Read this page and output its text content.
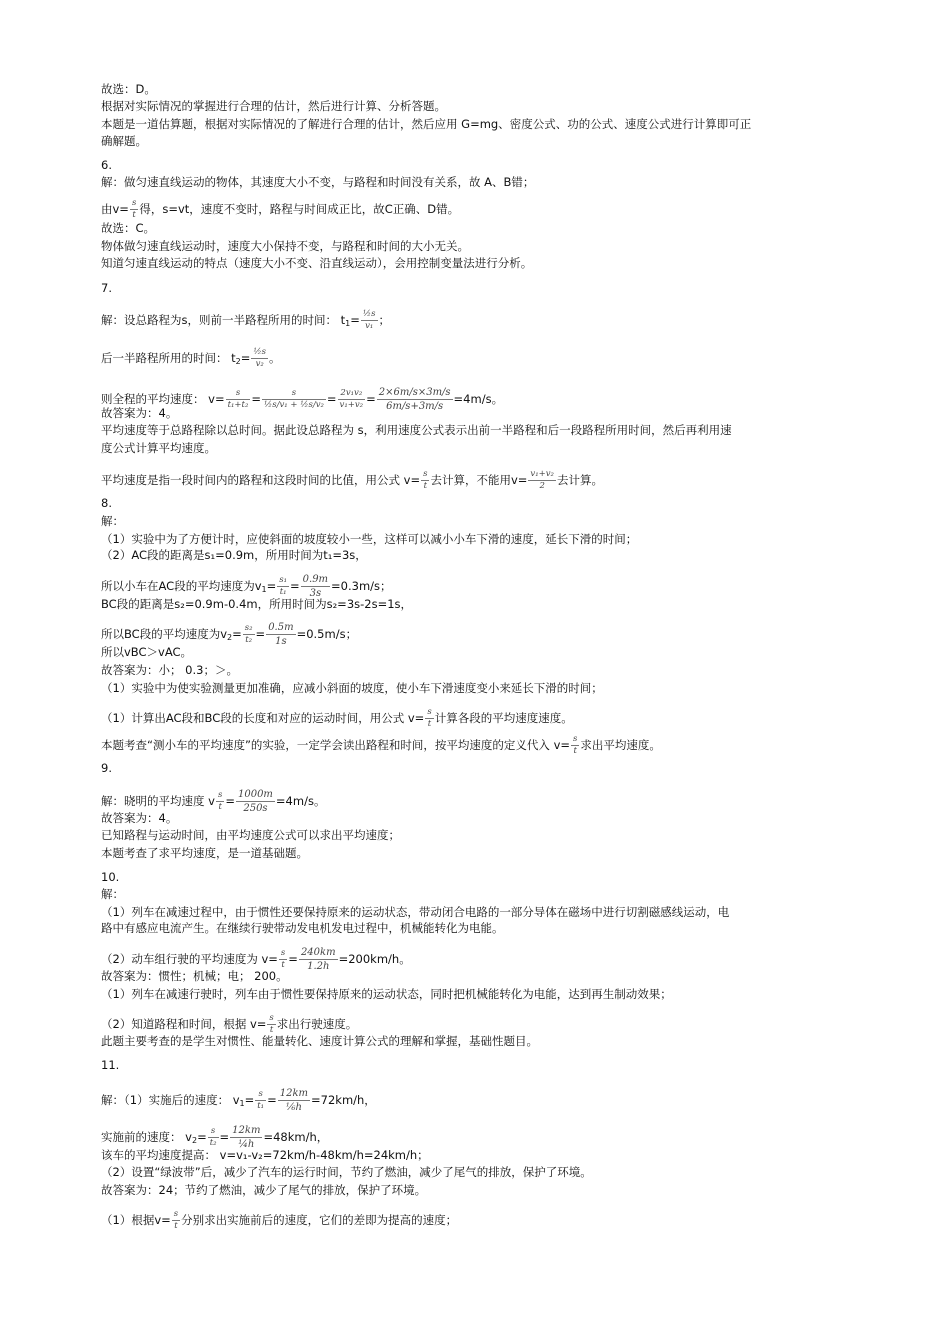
故选：D。
根据对实际情况的掌握进行合理的估计，然后进行计算、分析答题。
本题是一道估算题，根据对实际情况的了解进行合理的估计，然后应用 G=mg、密度公式、功的公式、速度公式进行计算即可正
确解题。
6.
解：做匀速直线运动的物体，其速度大小不变，与路程和时间没有关系，故 A、B错；
由$v= \frac{s}{t}$ 得，s=vt，速度不变时，路程与时间成正比，故C正确、D错。
故选：C。
物体做匀速直线运动时，速度大小保持不变，与路程和时间的大小无关。
知道匀速直线运动的特点（速度大小不变、沿直线运动），会用控制变量法进行分析。
7.
解：设总路程为s，则前一半路程所用的时间： $t_1= \frac{\text{½s}}{\text{v₁}}$ ；
后一半路程所用的时间： $t_2= \frac{\text{½s}}{\text{v₂}}$ 。
则全程的平均速度： $v= \frac{s}{\text{t₁+t₂}} = \frac{s}{\text{½s/v₁ + ½s/v₂}} = \frac{\text{2v₁v₂}}{\text{v₁+v₂}} = \frac{2\times 6m/s\times 3m/s}{6m/s+3m/s} =4m/s$。
故答案为：4。
平均速度等于总路程除以总时间。据此设总路程为 s，利用速度公式表示出前一半路程和后一段路程所用时间，然后再利用速
度公式计算平均速度。
平均速度是指一段时间内的路程和这段时间的比值，用公式 $v= \frac{s}{t}$ 去计算，不能用$v= \frac{\text{v₁+v₂}}{2}$ 去计算。
8.
解：
（1）实验中为了方便计时，应使斜面的坡度较小一些，这样可以减小小车下滑的速度，延长下滑的时间；
（2）AC段的距离是s₁=0.9m，所用时间为t₁=3s，
所以小车在AC段的平均速度为$v_1= \frac{\text{s₁}}{\text{t₁}} = \frac{0.9m}{3s} =0.3m/s$；
BC段的距离是s₂=0.9m-0.4m，所用时间为s₂=3s-2s=1s，
所以BC段的平均速度为$v_2= \frac{\text{s₂}}{\text{t₂}} = \frac{0.5m}{1s} =0.5m/s$；
所以vBC＞vAC。
故答案为：小； 0.3；＞。
（1）实验中为使实验测量更加准确，应减小斜面的坡度，使小车下滑速度变小来延长下滑的时间；
（1）计算出AC段和BC段的长度和对应的运动时间，用公式 $v= \frac{s}{t}$ 计算各段的平均速度速度。
本题考查“测小车的平均速度”的实验，一定学会读出路程和时间，按平均速度的定义代入 $v= \frac{s}{t}$ 求出平均速度。
9.
解：晓明的平均速度 v $\frac{s}{t} = \frac{1000m}{250s} =4m/s$。
故答案为：4。
已知路程与运动时间，由平均速度公式可以求出平均速度；
本题考查了求平均速度，是一道基础题。
10.
解：
（1）列车在减速过程中，由于惯性还要保持原来的运动状态，带动闭合电路的一部分导体在磁场中进行切割磁感线运动，电
路中有感应电流产生。在继续行驶带动发电机发电过程中，机械能转化为电能。
（2）动车组行驶的平均速度为 $v= \frac{s}{t} = \frac{240km}{1.2h} =200km/h$。
故答案为：惯性；机械；电； 200。
（1）列车在减速行驶时，列车由于惯性要保持原来的运动状态，同时把机械能转化为电能，达到再生制动效果；
（2）知道路程和时间，根据 $v= \frac{s}{t}$ 求出行驶速度。
此题主要考查的是学生对惯性、能量转化、速度计算公式的理解和掌握，基础性题目。
11.
解：（1）实施后的速度： $v_1= \frac{s}{\text{t₁}} = \frac{12km}{\text{⅙h}} =72km/h$，
实施前的速度： $v_2= \frac{s}{\text{t₂}} = \frac{12km}{\text{¼h}} =48km/h$，
该车的平均速度提高： v=v₁-v₂=72km/h-48km/h=24km/h；
（2）设置“绿波带”后，减少了汽车的运行时间，节约了燃油，减少了尾气的排放，保护了环境。
故答案为：24；节约了燃油，减少了尾气的排放，保护了环境。
（1）根据$v= \frac{s}{t}$ 分别求出实施前后的速度，它们的差即为提高的速度；
